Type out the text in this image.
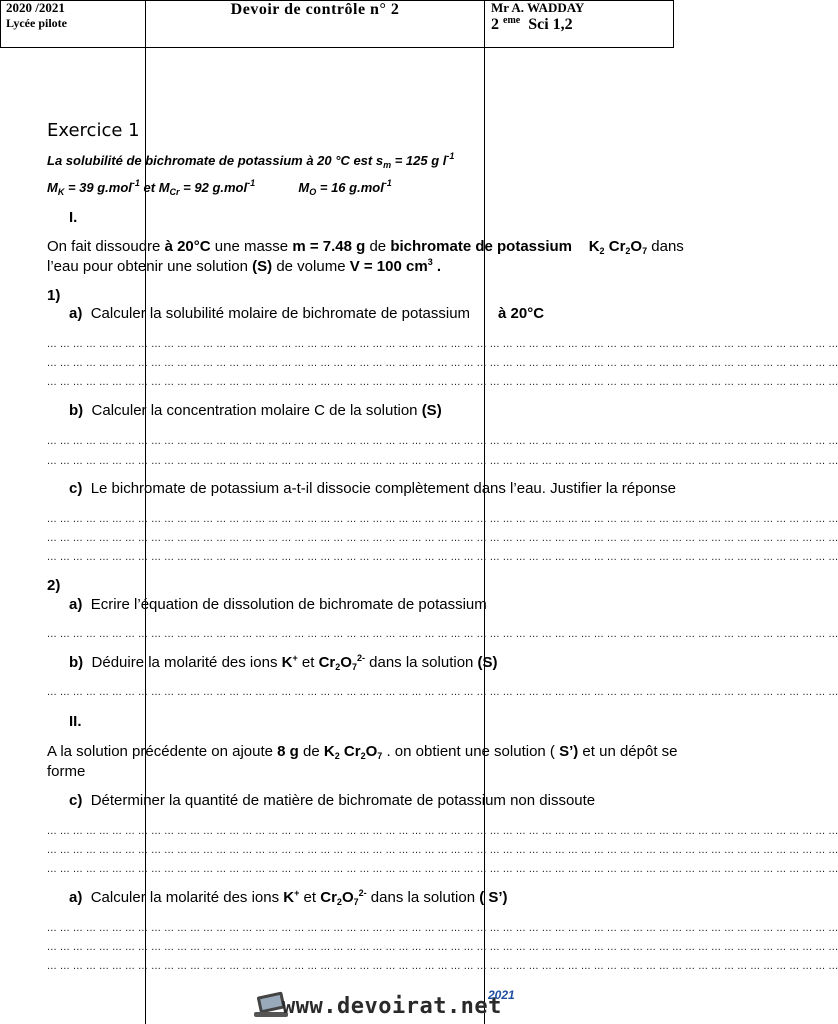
2020 /2021
Lycée pilote
Devoir de contrôle n° 2	Mr A. WADDAY
2 $^{eme}$ Sci 1,2
Exercice 1
La solubilité de bichromate de potassium à 20 °C est $s_m = 125$ g $l^{-1}$
$M_K = 39$ g.mol$^{-1}$ et $M_{Cr} = 92$ g.mol$^{-1}$	$M_O = 16$ g.mol$^{-1}$
I.
On fait dissoudre à 20°C une masse m = 7.48 g de bichromate de potassium $K_2$ $Cr_2O_7$ dans
l’eau pour obtenir une solution (S) de volume V = 100 $cm^3$ .
1)
a) Calculer la solubilité molaire de bichromate de potassium à 20°C
... ... ... ... ... ... ... ... ... ... ... ... ... ... ... ... ... ... ... ... ... ... ... ... ... ... ... ... ... ... ... ... ... ... ... ... ... ... ... ... ... ... ... ... ... ... ... ... ... ... ... ... ... ... ... ... ... ... ... ... ...
... ... ... ... ... ... ... ... ... ... ... ... ... ... ... ... ... ... ... ... ... ... ... ... ... ... ... ... ... ... ... ... ... ... ... ... ... ... ... ... ... ... ... ... ... ... ... ... ... ... ... ... ... ... ... ... ... ... ... ... ...
... ... ... ... ... ... ... ... ... ... ... ... ... ... ... ... ... ... ... ... ... ... ... ... ... ... ... ... ... ... ... ... ... ... ... ... ... ... ... ... ... ... ... ... ... ... ... ... ... ... ... ... ... ... ... ... ... ... ... ... ...
b) Calculer la concentration molaire C de la solution (S)
... ... ... ... ... ... ... ... ... ... ... ... ... ... ... ... ... ... ... ... ... ... ... ... ... ... ... ... ... ... ... ... ... ... ... ... ... ... ... ... ... ... ... ... ... ... ... ... ... ... ... ... ... ... ... ... ... ... ... ... ...
... ... ... ... ... ... ... ... ... ... ... ... ... ... ... ... ... ... ... ... ... ... ... ... ... ... ... ... ... ... ... ... ... ... ... ... ... ... ... ... ... ... ... ... ... ... ... ... ... ... ... ... ... ... ... ... ... ... ... ... ...
c) Le bichromate de potassium a-t-il dissocie complètement dans l’eau. Justifier la réponse
... ... ... ... ... ... ... ... ... ... ... ... ... ... ... ... ... ... ... ... ... ... ... ... ... ... ... ... ... ... ... ... ... ... ... ... ... ... ... ... ... ... ... ... ... ... ... ... ... ... ... ... ... ... ... ... ... ... ... ... ...
... ... ... ... ... ... ... ... ... ... ... ... ... ... ... ... ... ... ... ... ... ... ... ... ... ... ... ... ... ... ... ... ... ... ... ... ... ... ... ... ... ... ... ... ... ... ... ... ... ... ... ... ... ... ... ... ... ... ... ... ...
... ... ... ... ... ... ... ... ... ... ... ... ... ... ... ... ... ... ... ... ... ... ... ... ... ... ... ... ... ... ... ... ... ... ... ... ... ... ... ... ... ... ... ... ... ... ... ... ... ... ... ... ... ... ... ... ... ... ... ... ...
2)
a) Ecrire l’équation de dissolution de bichromate de potassium
... ... ... ... ... ... ... ... ... ... ... ... ... ... ... ... ... ... ... ... ... ... ... ... ... ... ... ... ... ... ... ... ... ... ... ... ... ... ... ... ... ... ... ... ... ... ... ... ... ... ... ... ... ... ... ... ... ... ... ... ...
b) Déduire la molarité des ions K+ et $Cr_2O_7^{2-}$ dans la solution (S)
... ... ... ... ... ... ... ... ... ... ... ... ... ... ... ... ... ... ... ... ... ... ... ... ... ... ... ... ... ... ... ... ... ... ... ... ... ... ... ... ... ... ... ... ... ... ... ... ... ... ... ... ... ... ... ... ... ... ... ... ...
II.
A la solution précédente on ajoute 8 g de $K_2$ $Cr_2O_7$ . on obtient une solution ( S’) et un dépôt se
forme
c) Déterminer la quantité de matière de bichromate de potassium non dissoute
... ... ... ... ... ... ... ... ... ... ... ... ... ... ... ... ... ... ... ... ... ... ... ... ... ... ... ... ... ... ... ... ... ... ... ... ... ... ... ... ... ... ... ... ... ... ... ... ... ... ... ... ... ... ... ... ... ... ... ... ...
... ... ... ... ... ... ... ... ... ... ... ... ... ... ... ... ... ... ... ... ... ... ... ... ... ... ... ... ... ... ... ... ... ... ... ... ... ... ... ... ... ... ... ... ... ... ... ... ... ... ... ... ... ... ... ... ... ... ... ... ...
... ... ... ... ... ... ... ... ... ... ... ... ... ... ... ... ... ... ... ... ... ... ... ... ... ... ... ... ... ... ... ... ... ... ... ... ... ... ... ... ... ... ... ... ... ... ... ... ... ... ... ... ... ... ... ... ... ... ... ... ...
a) Calculer la molarité des ions K+ et $Cr_2O_7^{2-}$ dans la solution ( S’)
... ... ... ... ... ... ... ... ... ... ... ... ... ... ... ... ... ... ... ... ... ... ... ... ... ... ... ... ... ... ... ... ... ... ... ... ... ... ... ... ... ... ... ... ... ... ... ... ... ... ... ... ... ... ... ... ... ... ... ... ...
... ... ... ... ... ... ... ... ... ... ... ... ... ... ... ... ... ... ... ... ... ... ... ... ... ... ... ... ... ... ... ... ... ... ... ... ... ... ... ... ... ... ... ... ... ... ... ... ... ... ... ... ... ... ... ... ... ... ... ... ...
... ... ... ... ... ... ... ... ... ... ... ... ... ... ... ... ... ... ... ... ... ... ... ... ... ... ... ... ... ... ... ... ... ... ... ... ... ... ... ... ... ... ... ... ... ... ... ... ... ... ... ... ... ... ... ... ... ... ... ... ...
www.devoirat.net
2021
